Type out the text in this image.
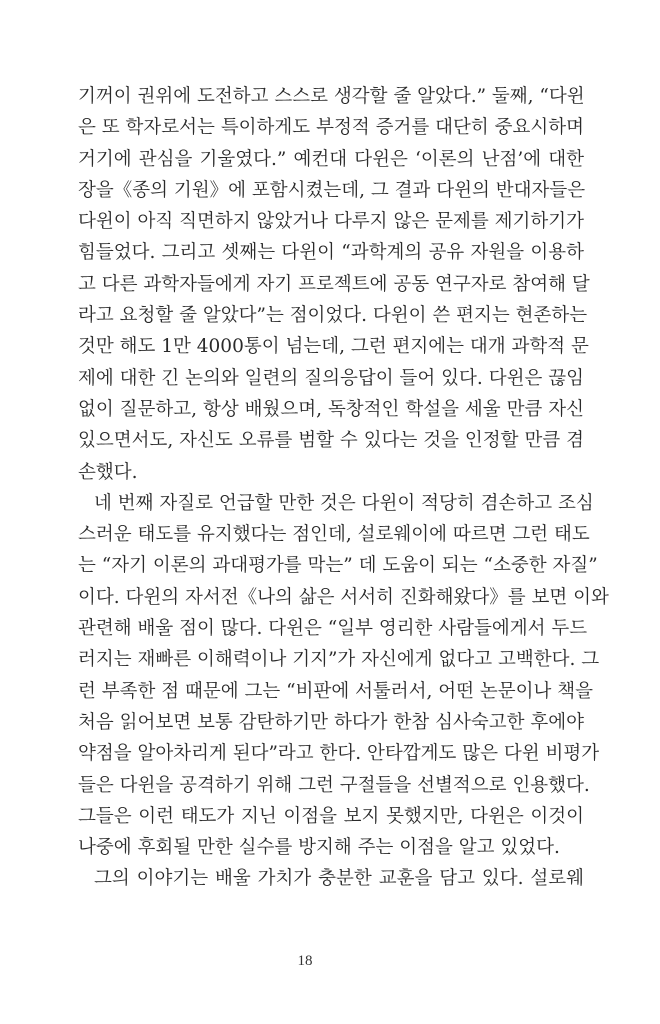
기꺼이 권위에 도전하고 스스로 생각할 줄 알았다.” 둘째, “다윈
은 또 학자로서는 특이하게도 부정적 증거를 대단히 중요시하며
거기에 관심을 기울였다.” 예컨대 다윈은 ‘이론의 난점’에 대한
장을《종의 기원》에 포함시켰는데, 그 결과 다윈의 반대자들은
다윈이 아직 직면하지 않았거나 다루지 않은 문제를 제기하기가
힘들었다. 그리고 셋째는 다윈이 “과학계의 공유 자원을 이용하
고 다른 과학자들에게 자기 프로젝트에 공동 연구자로 참여해 달
라고 요청할 줄 알았다”는 점이었다. 다윈이 쓴 편지는 현존하는
것만 해도 1만 4000통이 넘는데, 그런 편지에는 대개 과학적 문
제에 대한 긴 논의와 일련의 질의응답이 들어 있다. 다윈은 끊임
없이 질문하고, 항상 배웠으며, 독창적인 학설을 세울 만큼 자신
있으면서도, 자신도 오류를 범할 수 있다는 것을 인정할 만큼 겸
손했다.
네 번째 자질로 언급할 만한 것은 다윈이 적당히 겸손하고 조심
스러운 태도를 유지했다는 점인데, 설로웨이에 따르면 그런 태도
는 “자기 이론의 과대평가를 막는” 데 도움이 되는 “소중한 자질”
이다. 다윈의 자서전《나의 삶은 서서히 진화해왔다》를 보면 이와
관련해 배울 점이 많다. 다윈은 “일부 영리한 사람들에게서 두드
러지는 재빠른 이해력이나 기지”가 자신에게 없다고 고백한다. 그
런 부족한 점 때문에 그는 “비판에 서툴러서, 어떤 논문이나 책을
처음 읽어보면 보통 감탄하기만 하다가 한참 심사숙고한 후에야
약점을 알아차리게 된다”라고 한다. 안타깝게도 많은 다윈 비평가
들은 다윈을 공격하기 위해 그런 구절들을 선별적으로 인용했다.
그들은 이런 태도가 지닌 이점을 보지 못했지만, 다윈은 이것이
나중에 후회될 만한 실수를 방지해 주는 이점을 알고 있었다.
그의 이야기는 배울 가치가 충분한 교훈을 담고 있다. 설로웨
18
